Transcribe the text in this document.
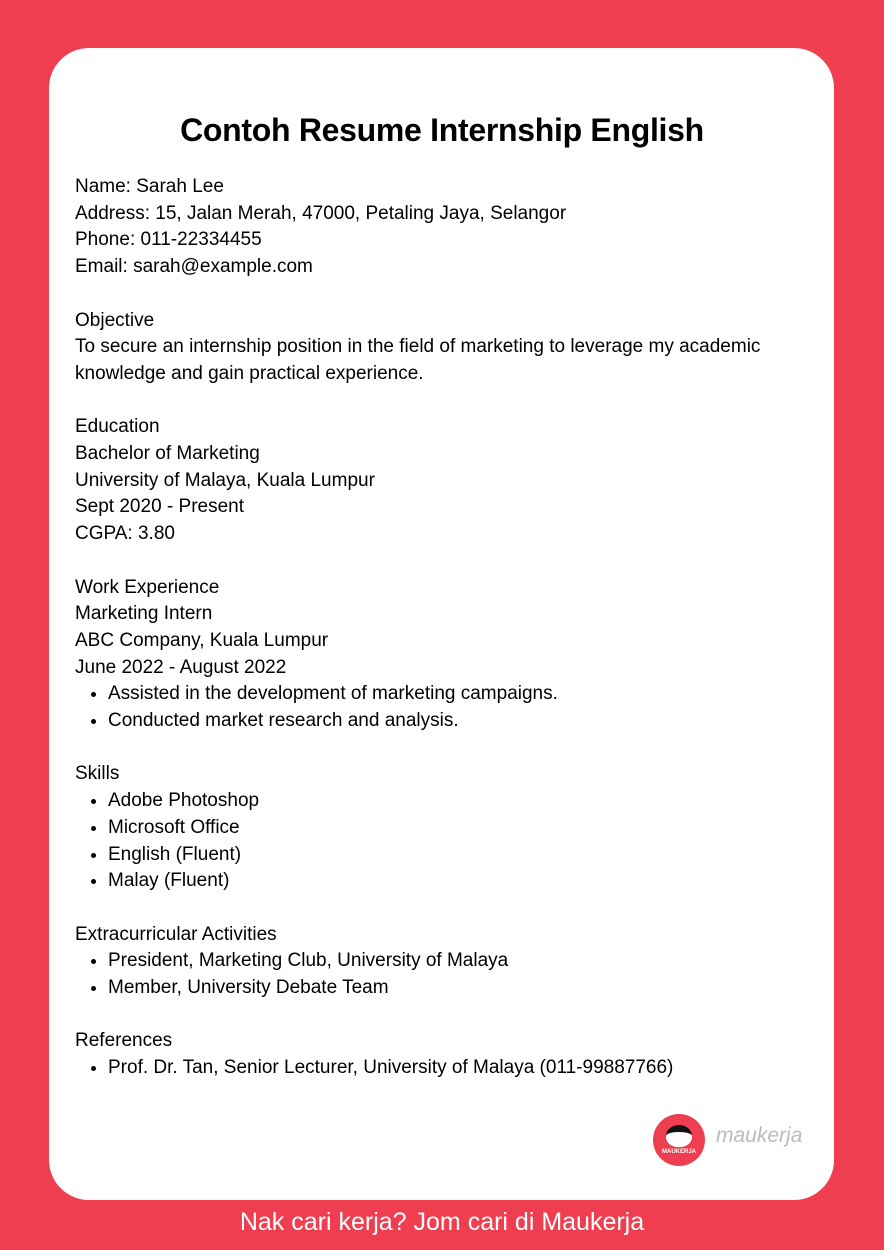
Contoh Resume Internship English
Name: Sarah Lee
Address: 15, Jalan Merah, 47000, Petaling Jaya, Selangor
Phone: 011-22334455
Email: sarah@example.com
Objective
To secure an internship position in the field of marketing to leverage my academic knowledge and gain practical experience.
Education
Bachelor of Marketing
University of Malaya, Kuala Lumpur
Sept 2020 - Present
CGPA: 3.80
Work Experience
Marketing Intern
ABC Company, Kuala Lumpur
June 2022 - August 2022
• Assisted in the development of marketing campaigns.
• Conducted market research and analysis.
Skills
• Adobe Photoshop
• Microsoft Office
• English (Fluent)
• Malay (Fluent)
Extracurricular Activities
• President, Marketing Club, University of Malaya
• Member, University Debate Team
References
• Prof. Dr. Tan, Senior Lecturer, University of Malaya (011-99887766)
MAUKERJA
maukerja
Nak cari kerja? Jom cari di Maukerja
